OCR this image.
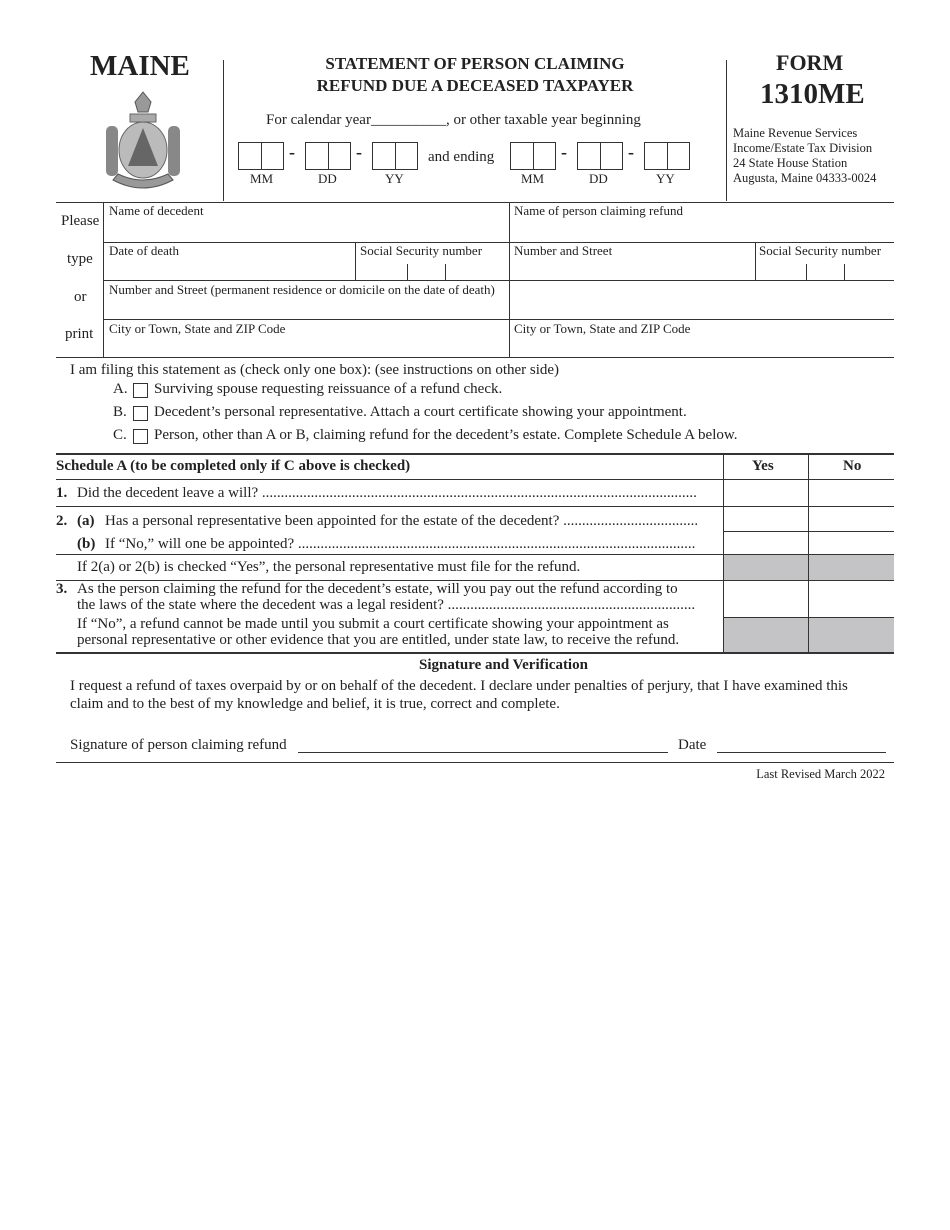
MAINE	STATEMENT OF PERSON CLAIMING
REFUND DUE A DECEASED TAXPAYER
For calendar year__________, or other taxable year beginning
-	-
MM	DD	YY
and ending	-	-
MM	DD	YY
FORM
1310ME
Maine Revenue Services
Income/Estate Tax Division
24 State House Station
Augusta, Maine 04333-0024
Please
type
or
print
Name of decedent
Date of death	Social Security number
Number and Street (permanent residence or domicile on the date of death)
City or Town, State and ZIP Code
Name of person claiming refund
Number and Street	Social Security number
City or Town, State and ZIP Code
I am filing this statement as (check only one box): (see instructions on other side)
A. Surviving spouse requesting reissuance of a refund check.
B. Decedent’s personal representative. Attach a court certificate showing your appointment.
C. Person, other than A or B, claiming refund for the decedent’s estate. Complete Schedule A below.
Schedule A (to be completed only if C above is checked)	Yes	No
1. Did the decedent leave a will? ....................................................................................................................
2. (a) Has a personal representative been appointed for the estate of the decedent? ....................................
(b) If “No,” will one be appointed? ..........................................................................................................
If 2(a) or 2(b) is checked “Yes”, the personal representative must file for the refund.
3. As the person claiming the refund for the decedent’s estate, will you pay out the refund according to
the laws of the state where the decedent was a legal resident? ..................................................................
If “No”, a refund cannot be made until you submit a court certificate showing your appointment as
personal representative or other evidence that you are entitled, under state law, to receive the refund.
Signature and Verification
I request a refund of taxes overpaid by or on behalf of the decedent. I declare under penalties of perjury, that I have examined this
claim and to the best of my knowledge and belief, it is true, correct and complete.
Signature of person claiming refund	Date
Last Revised March 2022
